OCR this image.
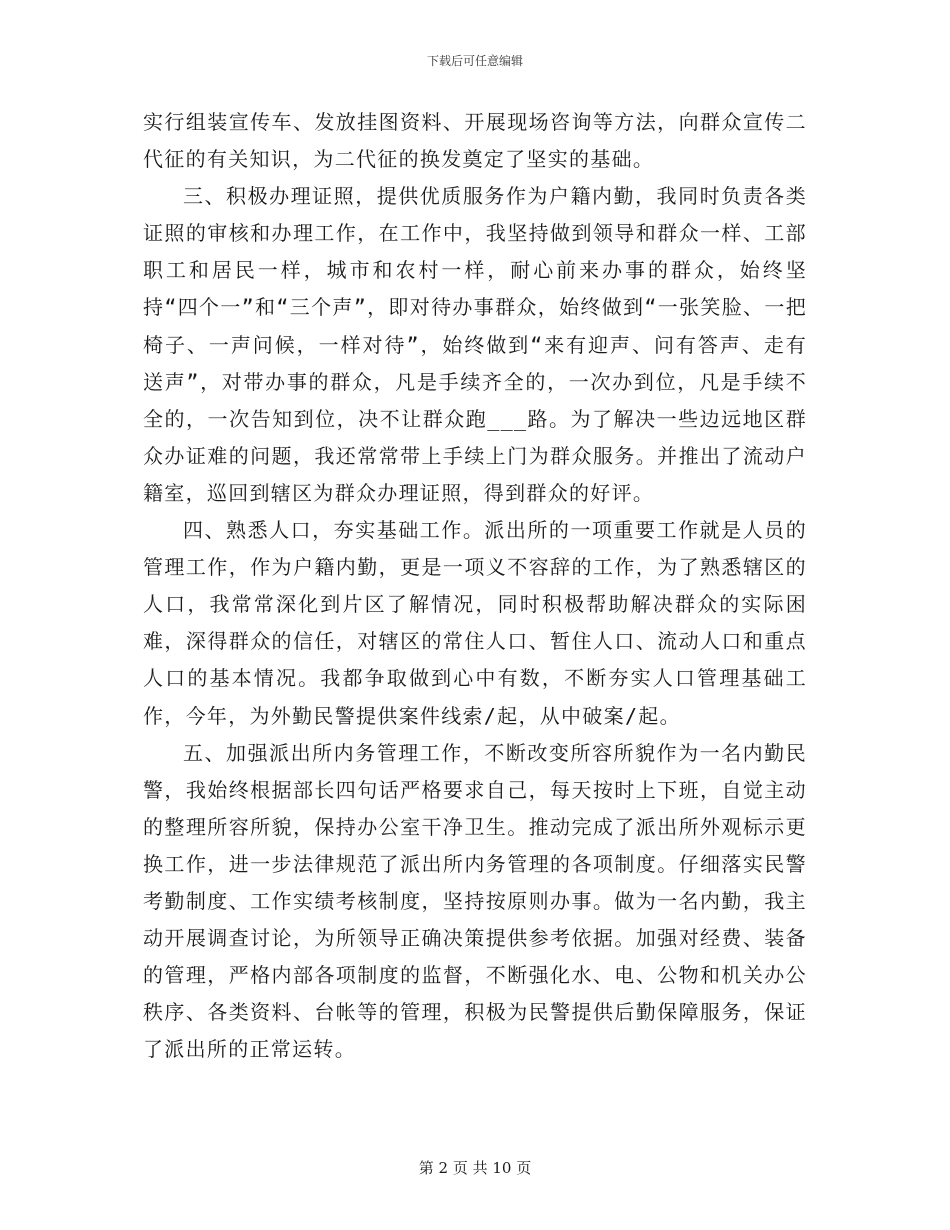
下载后可任意编辑

实行组装宣传车、发放挂图资料、开展现场咨询等方法，向群众宣传二代征的有关知识，为二代征的换发奠定了坚实的基础。

三、积极办理证照，提供优质服务作为户籍内勤，我同时负责各类证照的审核和办理工作，在工作中，我坚持做到领导和群众一样、工部职工和居民一样，城市和农村一样，耐心前来办事的群众，始终坚持“四个一”和“三个声”，即对待办事群众，始终做到“一张笑脸、一把椅子、一声问候，一样对待”，始终做到“来有迎声、问有答声、走有送声”，对带办事的群众，凡是手续齐全的，一次办到位，凡是手续不全的，一次告知到位，决不让群众跑___路。为了解决一些边远地区群众办证难的问题，我还常常带上手续上门为群众服务。并推出了流动户籍室，巡回到辖区为群众办理证照，得到群众的好评。

四、熟悉人口，夯实基础工作。派出所的一项重要工作就是人员的管理工作，作为户籍内勤，更是一项义不容辞的工作，为了熟悉辖区的人口，我常常深化到片区了解情况，同时积极帮助解决群众的实际困难，深得群众的信任，对辖区的常住人口、暂住人口、流动人口和重点人口的基本情况。我都争取做到心中有数，不断夯实人口管理基础工作，今年，为外勤民警提供案件线索/起，从中破案/起。

五、加强派出所内务管理工作，不断改变所容所貌作为一名内勤民警，我始终根据部长四句话严格要求自己，每天按时上下班，自觉主动的整理所容所貌，保持办公室干净卫生。推动完成了派出所外观标示更换工作，进一步法律规范了派出所内务管理的各项制度。仔细落实民警考勤制度、工作实绩考核制度，坚持按原则办事。做为一名内勤，我主动开展调查讨论，为所领导正确决策提供参考依据。加强对经费、装备的管理，严格内部各项制度的监督，不断强化水、电、公物和机关办公秩序、各类资料、台帐等的管理，积极为民警提供后勤保障服务，保证了派出所的正常运转。

第 2 页 共 10 页
